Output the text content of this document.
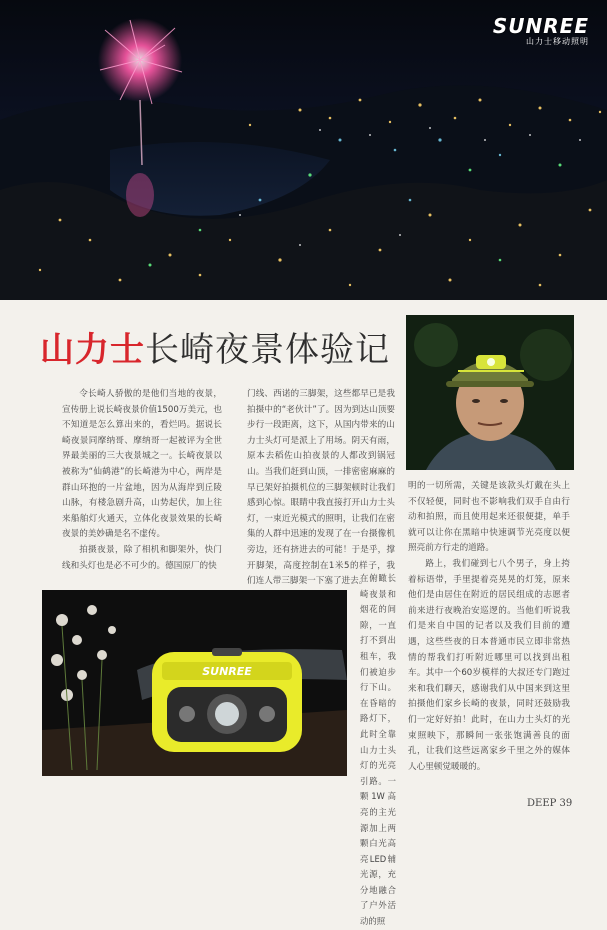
SUNREE
山力士移动照明
山力士长崎夜景体验记

令长崎人骄傲的是他们当地的夜景，宣传册上说长崎夜景价值1500万美元，也不知道是怎么算出来的，看烂吗。据说长崎夜景同摩纳哥、摩纳哥一起被评为全世界最美丽的三大夜景城之一。长崎夜景以被称为“仙鹤港”的长崎港为中心，两岸是群山环抱的一片盆地，因为从海岸到丘陵山脉，有楼急剧升高，山势起伏，加上往来船舶灯火通天，立体化夜景效果的长崎夜景的美妙确是名不虚传。

拍摄夜景，除了相机和脚架外，快门线和头灯也是必不可少的。德国原厂的快

门线、西诺的三脚架，这些都早已是我拍摄中的“老伙计”了。因为到达山顶要步行一段距离，这下，从国内带来的山力士头灯可是派上了用场。阴天有雨，原本去稻佐山拍夜景的人都改到锅冠山。当我们赶到山顶，一排密密麻麻的早已架好拍摄机位的三脚架顿时让我们感到心惊。眼睛中我直接打开山力士头灯，一束近光模式的照明，让我们在密集的人群中迅速的发现了在一台摄像机旁边，还有挤进去的可能！于是乎，撑开脚架，高度控制在1米5的样子，我们连人带三脚架一下塞了进去。

在俯瞰长崎夜景和烟花的间隙，一直打不到出租车，我们被迫步行下山。在昏暗的路灯下，此时全靠山力士头灯的光亮引路。一颗1W高亮的主光源加上两颗白光高亮LED辅光源，充分地融合了户外活动的照

明的一切所需，关键是该款头灯戴在头上不仅轻便，同时也不影响我们双手自由行动和拍照，而且使用起来还很便捷，单手就可以让你在黑暗中快速调节光亮度以便照亮前方行走的道路。

路上，我们碰到七八个男子，身上挎着标语带，手里提着亮晃晃的灯笼，原来他们是由居住在附近的居民组成的志愿者前来进行夜晚治安巡逻的。当他们听说我们是来自中国的记者以及我们目前的遭遇，这些些夜的日本普通市民立即非常热情的帮我们打听附近哪里可以找到出租车。其中一个60岁模样的大叔还专门跑过来和我们聊天，感谢我们从中国来到这里拍摄他们家乡长崎的夜景，同时还鼓励我们一定好好拍！此时，在山力士头灯的光束照映下，那瞬间一张张饱满善良的面孔，让我们这些远离家乡千里之外的媒体人心里顿觉暖暖的。

SUNREE
DEEP 39
